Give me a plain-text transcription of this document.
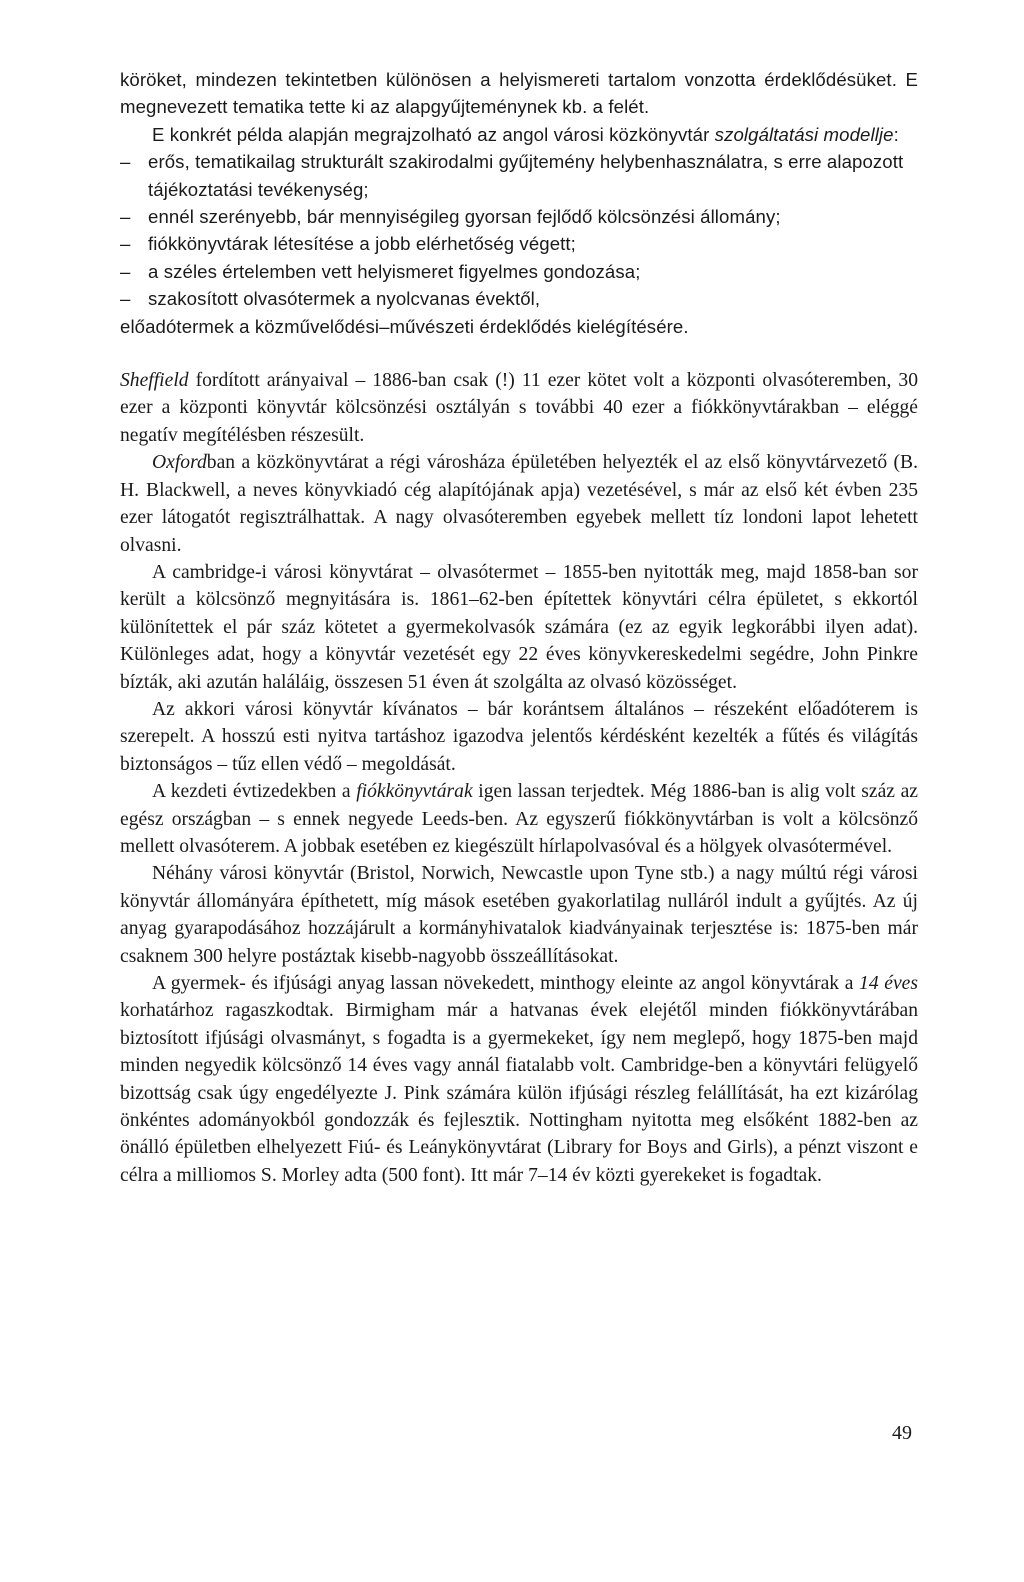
köröket, mindezen tekintetben különösen a helyismereti tartalom vonzotta érdeklődésüket. E megnevezett tematika tette ki az alapgyűjteménynek kb. a felét.

E konkrét példa alapján megrajzolható az angol városi közkönyvtár szolgáltatási modellje:

– erős, tematikailag strukturált szakirodalmi gyűjtemény helybenhasználatra, s erre alapozott tájékoztatási tevékenység;
– ennél szerényebb, bár mennyiségileg gyorsan fejlődő kölcsönzési állomány;
– fiókkönyvtárak létesítése a jobb elérhetőség végett;
– a széles értelemben vett helyismeret figyelmes gondozása;
– szakosított olvasótermek a nyolcvanas évektől,

előadótermek a közművelődési–művészeti érdeklődés kielégítésére.

Sheffield fordított arányaival – 1886-ban csak (!) 11 ezer kötet volt a központi olvasóteremben, 30 ezer a központi könyvtár kölcsönzési osztályán s további 40 ezer a fiókkönyvtárakban – eléggé negatív megítélésben részesült.

Oxfordban a közkönyvtárat a régi városháza épületében helyezték el az első könyvtárvezető (B. H. Blackwell, a neves könyvkiadó cég alapítójának apja) vezetésével, s már az első két évben 235 ezer látogatót regisztrálhattak. A nagy olvasóteremben egyebek mellett tíz londoni lapot lehetett olvasni.

A cambridge-i városi könyvtárat – olvasótermet – 1855-ben nyitották meg, majd 1858-ban sor került a kölcsönző megnyitására is. 1861–62-ben építettek könyvtári célra épületet, s ekkortól különítettek el pár száz kötetet a gyermekolvasók számára (ez az egyik legkorábbi ilyen adat). Különleges adat, hogy a könyvtár vezetését egy 22 éves könyvkereskedelmi segédre, John Pinkre bízták, aki azután haláláig, összesen 51 éven át szolgálta az olvasó közösséget.

Az akkori városi könyvtár kívánatos – bár korántsem általános – részeként előadóterem is szerepelt. A hosszú esti nyitva tartáshoz igazodva jelentős kérdésként kezelték a fűtés és világítás biztonságos – tűz ellen védő – megoldását.

A kezdeti évtizedekben a fiókkönyvtárak igen lassan terjedtek. Még 1886-ban is alig volt száz az egész országban – s ennek negyede Leeds-ben. Az egyszerű fiókkönyvtárban is volt a kölcsönző mellett olvasóterem. A jobbak esetében ez kiegészült hírlapolvasóval és a hölgyek olvasótermével.

Néhány városi könyvtár (Bristol, Norwich, Newcastle upon Tyne stb.) a nagy múltú régi városi könyvtár állományára építhetett, míg mások esetében gyakorlatilag nulláról indult a gyűjtés. Az új anyag gyarapodásához hozzájárult a kormányhivatalok kiadványainak terjesztése is: 1875-ben már csaknem 300 helyre postáztak kisebb-nagyobb összeállításokat.

A gyermek- és ifjúsági anyag lassan növekedett, minthogy eleinte az angol könyvtárak a 14 éves korhatárhoz ragaszkodtak. Birmigham már a hatvanas évek elejétől minden fiókkönyvtárában biztosított ifjúsági olvasmányt, s fogadta is a gyermekeket, így nem meglepő, hogy 1875-ben majd minden negyedik kölcsönző 14 éves vagy annál fiatalabb volt. Cambridge-ben a könyvtári felügyelő bizottság csak úgy engedélyezte J. Pink számára külön ifjúsági részleg felállítását, ha ezt kizárólag önkéntes adományokból gondozzák és fejlesztik. Nottingham nyitotta meg elsőként 1882-ben az önálló épületben elhelyezett Fiú- és Leánykönyvtárat (Library for Boys and Girls), a pénzt viszont e célra a milliomos S. Morley adta (500 font). Itt már 7–14 év közti gyerekeket is fogadtak.

49
